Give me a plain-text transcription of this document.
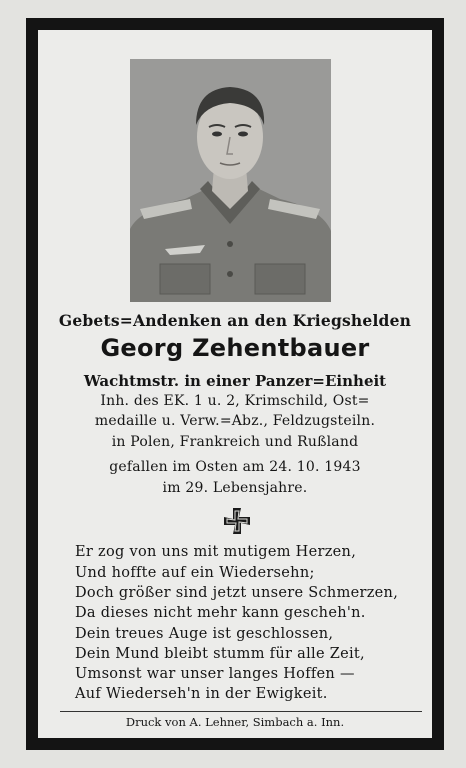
Gebets=Andenken an den Kriegshelden
Georg Zehentbauer
Wachtmstr. in einer Panzer=Einheit
Inh. des EK. 1 u. 2, Krimschild, Ost=
medaille u. Verw.=Abz., Feldzugsteiln.
in Polen, Frankreich und Rußland
gefallen im Osten am 24. 10. 1943
im 29. Lebensjahre.
Er zog von uns mit mutigem Herzen,
Und hoffte auf ein Wiedersehn;
Doch größer sind jetzt unsere Schmerzen,
Da dieses nicht mehr kann gescheh'n.
Dein treues Auge ist geschlossen,
Dein Mund bleibt stumm für alle Zeit,
Umsonst war unser langes Hoffen —
Auf Wiederseh'n in der Ewigkeit.
Druck von A. Lehner, Simbach a. Inn.
